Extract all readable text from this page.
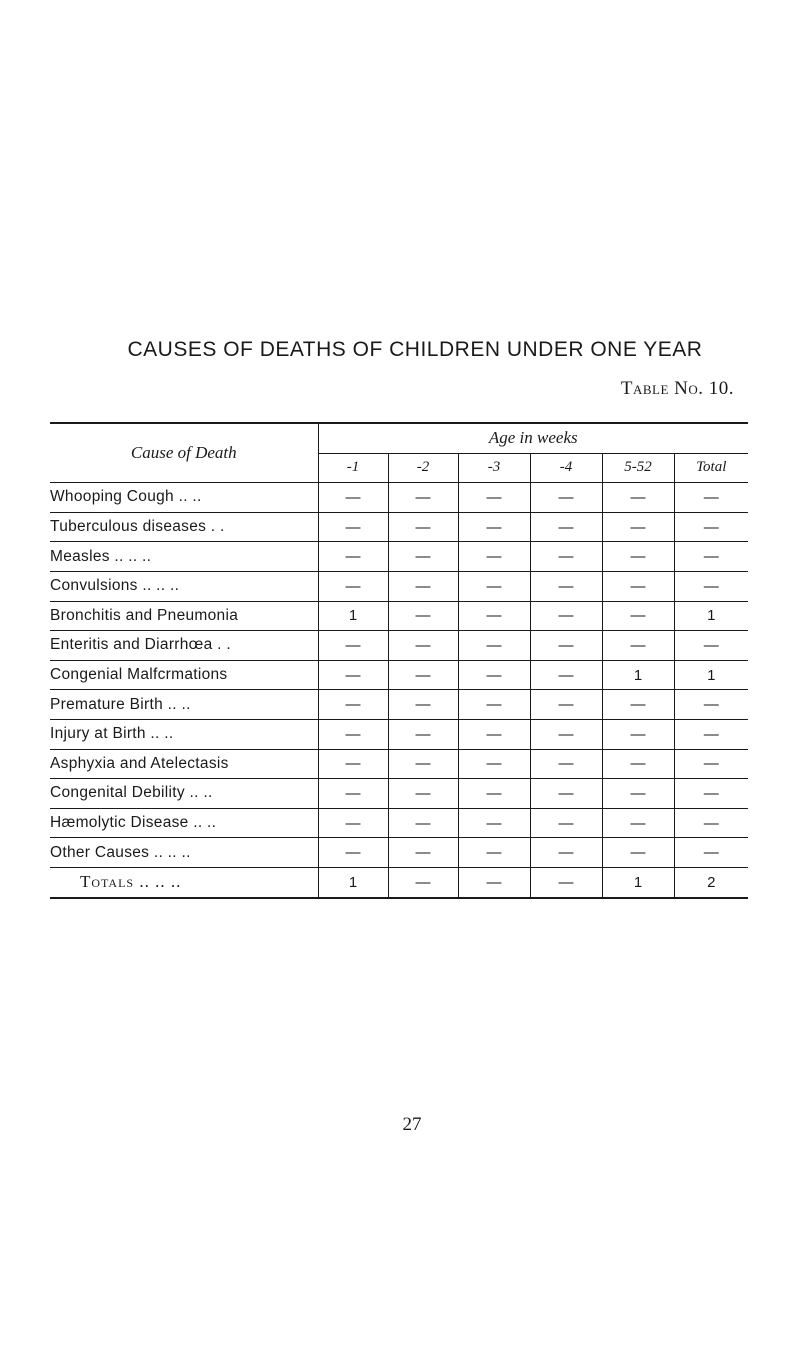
CAUSES OF DEATHS OF CHILDREN UNDER ONE YEAR
Table No. 10.
Cause of Death	Age in weeks					
	-1	-2	-3	-4	5-52	Total
Whooping Cough .. ..	—	—	—	—	—	—
Tuberculous diseases . .	—	—	—	—	—	—
Measles .. .. ..	—	—	—	—	—	—
Convulsions .. .. ..	—	—	—	—	—	—
Bronchitis and Pneumonia	1	—	—	—	—	1
Enteritis and Diarrhœa . .	—	—	—	—	—	—
Congenial Malfcrmations	—	—	—	—	1	1
Premature Birth .. ..	—	—	—	—	—	—
Injury at Birth .. ..	—	—	—	—	—	—
Asphyxia and Atelectasis	—	—	—	—	—	—
Congenital Debility .. ..	—	—	—	—	—	—
Hæmolytic Disease .. ..	—	—	—	—	—	—
Other Causes .. .. ..	—	—	—	—	—	—
Totals .. .. ..	1	—	—	—	1	2
27
